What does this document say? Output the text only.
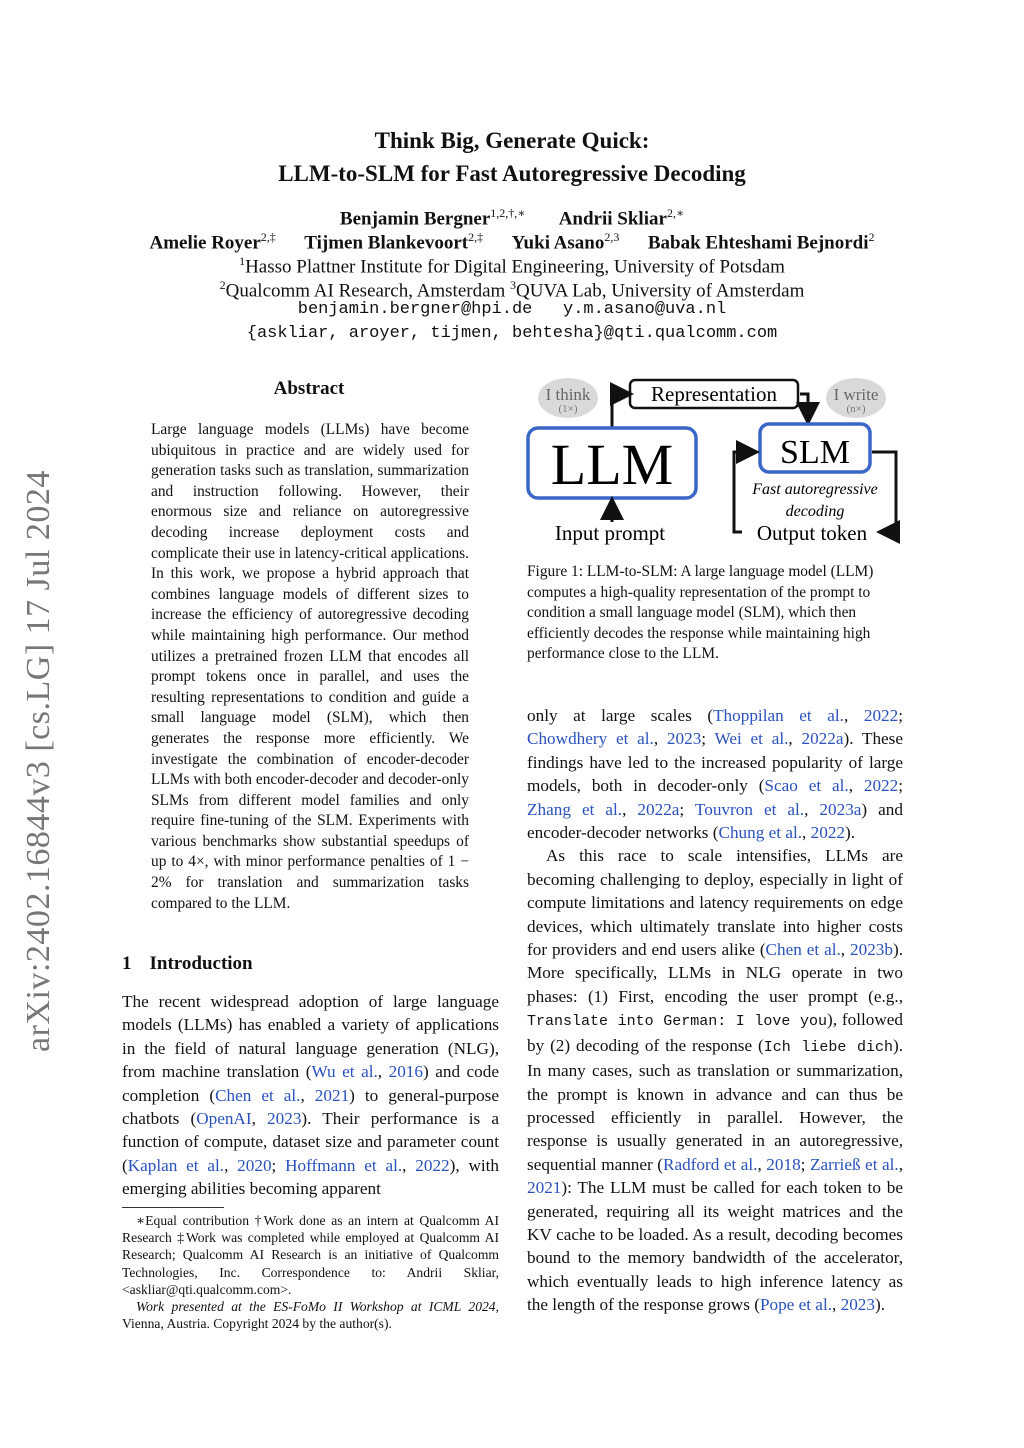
arXiv:2402.16844v3 [cs.LG] 17 Jul 2024
Think Big, Generate Quick:
LLM-to-SLM for Fast Autoregressive Decoding
Benjamin Bergner$^{1,2,\dagger,∗}$ Andrii Skliar$^{2,∗}$
Amelie Royer$^{2,\ddagger}$ Tijmen Blankevoort$^{2,\ddagger}$ Yuki Asano$^{2,3}$ Babak Ehteshami Bejnordi$^2$
$^1$Hasso Plattner Institute for Digital Engineering, University of Potsdam
$^2$Qualcomm AI Research, Amsterdam $^3$QUVA Lab, University of Amsterdam
benjamin.bergner@hpi.de y.m.asano@uva.nl
{askliar, aroyer, tijmen, behtesha}@qti.qualcomm.com
Abstract
Large language models (LLMs) have become ubiquitous in practice and are widely used for generation tasks such as translation, summarization and instruction following. However, their enormous size and reliance on autoregressive decoding increase deployment costs and complicate their use in latency-critical applications. In this work, we propose a hybrid approach that combines language models of different sizes to increase the efficiency of autoregressive decoding while maintaining high performance. Our method utilizes a pretrained frozen LLM that encodes all prompt tokens once in parallel, and uses the resulting representations to condition and guide a small language model (SLM), which then generates the response more efficiently. We investigate the combination of encoder-decoder LLMs with both encoder-decoder and decoder-only SLMs from different model families and only require fine-tuning of the SLM. Experiments with various benchmarks show substantial speedups of up to 4×, with minor performance penalties of 1 − 2% for translation and summarization tasks compared to the LLM.
1 Introduction
The recent widespread adoption of large language models (LLMs) has enabled a variety of applications in the field of natural language generation (NLG), from machine translation (Wu et al., 2016) and code completion (Chen et al., 2021) to general-purpose chatbots (OpenAI, 2023). Their performance is a function of compute, dataset size and parameter count (Kaplan et al., 2020; Hoffmann et al., 2022), with emerging abilities becoming apparent
∗Equal contribution †Work done as an intern at Qualcomm AI Research ‡Work was completed while employed at Qualcomm AI Research; Qualcomm AI Research is an initiative of Qualcomm Technologies, Inc. Correspondence to: Andrii Skliar, <askliar@qti.qualcomm.com>.
Work presented at the ES-FoMo II Workshop at ICML 2024, Vienna, Austria. Copyright 2024 by the author(s).
I think
(1×)
I write
(n×)
Representation
LLM	SLM
Fast autoregressive
decoding
Input prompt	Output token
Figure 1: LLM-to-SLM: A large language model (LLM) computes a high-quality representation of the prompt to condition a small language model (SLM), which then efficiently decodes the response while maintaining high performance close to the LLM.

only at large scales (Thoppilan et al., 2022; Chowdhery et al., 2023; Wei et al., 2022a). These findings have led to the increased popularity of large models, both in decoder-only (Scao et al., 2022; Zhang et al., 2022a; Touvron et al., 2023a) and encoder-decoder networks (Chung et al., 2022).

As this race to scale intensifies, LLMs are becoming challenging to deploy, especially in light of compute limitations and latency requirements on edge devices, which ultimately translate into higher costs for providers and end users alike (Chen et al., 2023b). More specifically, LLMs in NLG operate in two phases: (1) First, encoding the user prompt (e.g., Translate into German: I love you), followed by (2) decoding of the response (Ich liebe dich). In many cases, such as translation or summarization, the prompt is known in advance and can thus be processed efficiently in parallel. However, the response is usually generated in an autoregressive, sequential manner (Radford et al., 2018; Zarrieß et al., 2021): The LLM must be called for each token to be generated, requiring all its weight matrices and the KV cache to be loaded. As a result, decoding becomes bound to the memory bandwidth of the accelerator, which eventually leads to high inference latency as the length of the response grows (Pope et al., 2023).
